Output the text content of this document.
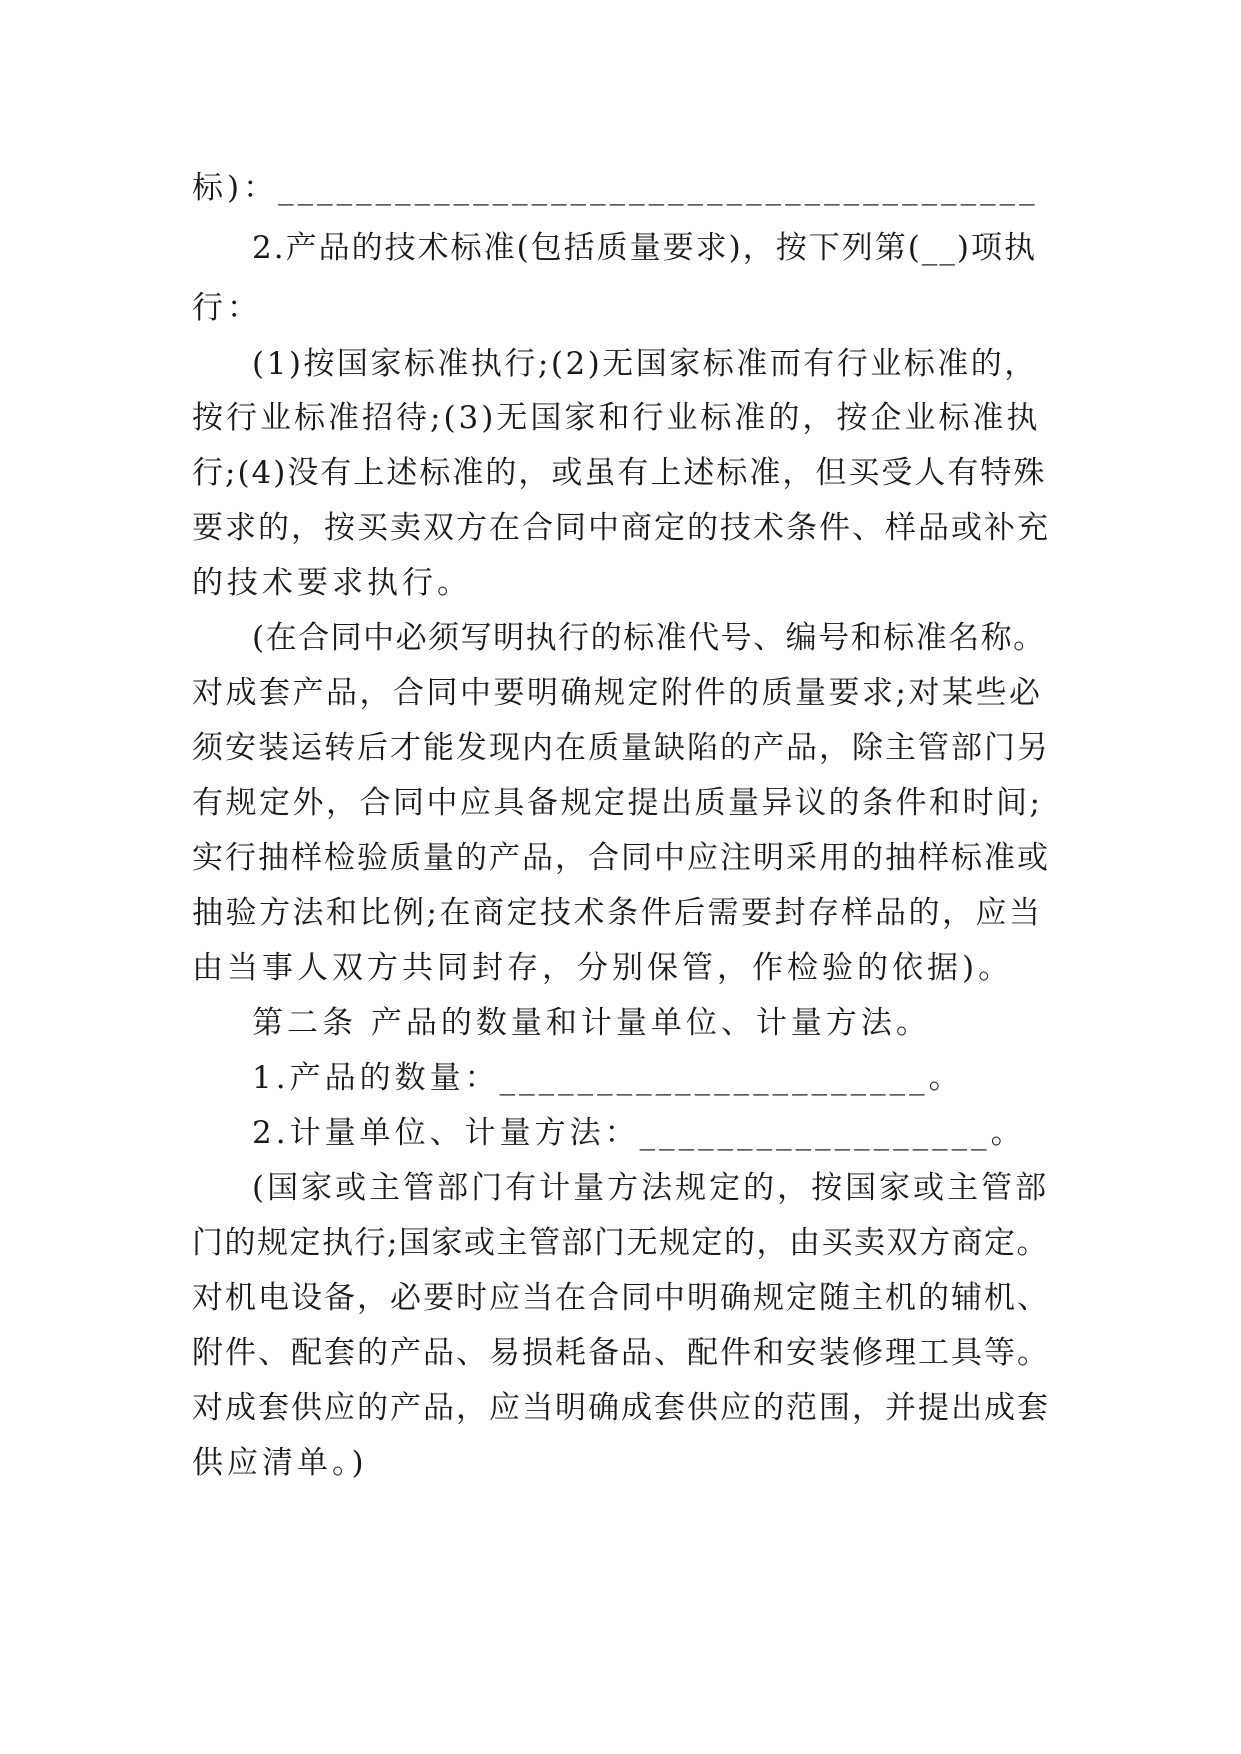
标)：_______________________________________
2.产品的技术标准(包括质量要求)，按下列第(__)项执
行：
(1)按国家标准执行;(2)无国家标准而有行业标准的，
按行业标准招待;(3)无国家和行业标准的，按企业标准执
行;(4)没有上述标准的，或虽有上述标准，但买受人有特殊
要求的，按买卖双方在合同中商定的技术条件、样品或补充
的技术要求执行。
(在合同中必须写明执行的标准代号、编号和标准名称。
对成套产品，合同中要明确规定附件的质量要求;对某些必
须安装运转后才能发现内在质量缺陷的产品，除主管部门另
有规定外，合同中应具备规定提出质量异议的条件和时间;
实行抽样检验质量的产品，合同中应注明采用的抽样标准或
抽验方法和比例;在商定技术条件后需要封存样品的，应当
由当事人双方共同封存，分别保管，作检验的依据)。
第二条 产品的数量和计量单位、计量方法。
1.产品的数量：______________________。
2.计量单位、计量方法：__________________。
(国家或主管部门有计量方法规定的，按国家或主管部
门的规定执行;国家或主管部门无规定的，由买卖双方商定。
对机电设备，必要时应当在合同中明确规定随主机的辅机、
附件、配套的产品、易损耗备品、配件和安装修理工具等。
对成套供应的产品，应当明确成套供应的范围，并提出成套
供应清单。)
